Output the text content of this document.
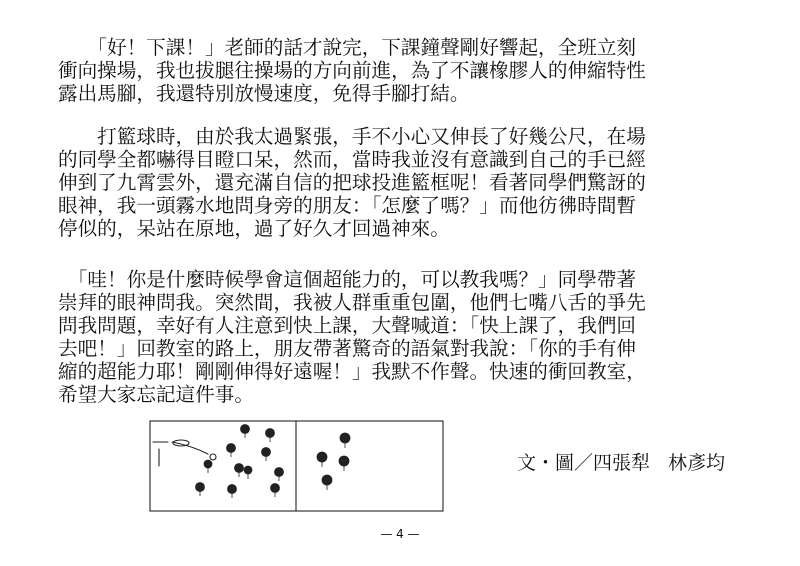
　　「好！下課！」老師的話才說完，下課鐘聲剛好響起，全班立刻
衝向操場，我也拔腿往操場的方向前進，為了不讓橡膠人的伸縮特性
露出馬腳，我還特別放慢速度，免得手腳打結。

　　打籃球時，由於我太過緊張，手不小心又伸長了好幾公尺，在場
的同學全都嚇得目瞪口呆，然而，當時我並沒有意識到自己的手已經
伸到了九霄雲外，還充滿自信的把球投進籃框呢！看著同學們驚訝的
眼神，我一頭霧水地問身旁的朋友：「怎麼了嗎？」而他彷彿時間暫
停似的，呆站在原地，過了好久才回過神來。

　「哇！你是什麼時候學會這個超能力的，可以教我嗎？」同學帶著
崇拜的眼神問我。突然間，我被人群重重包圍，他們七嘴八舌的爭先
問我問題，幸好有人注意到快上課，大聲喊道：「快上課了，我們回
去吧！」回教室的路上，朋友帶著驚奇的語氣對我說：「你的手有伸
縮的超能力耶！剛剛伸得好遠喔！」我默不作聲。快速的衝回教室，
希望大家忘記這件事。

文・圖／四張犁 林彥均
— 4 —
